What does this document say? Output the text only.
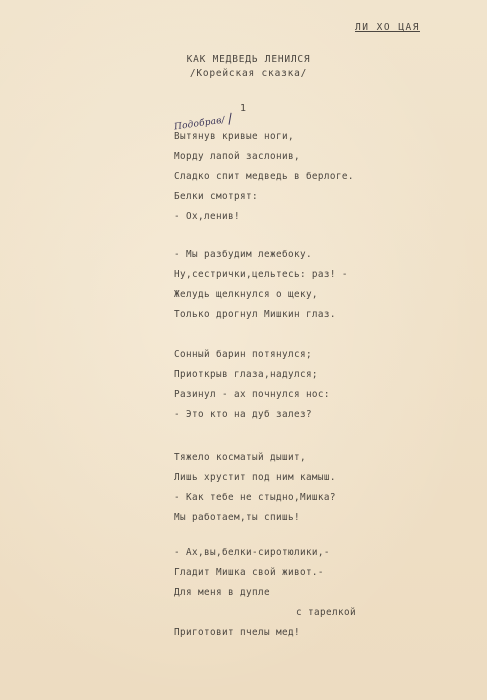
ЛИ ХО ЦАЯ
КАК МЕДВЕДЬ ЛЕНИЛСЯ
/Корейская сказка/
1
Подобрав/
Вытянув кривые ноги,
Морду лапой заслонив,
Сладко спит медведь в берлоге.
Белки смотрят:
- Ох,ленив!
- Мы разбудим лежебоку.
Ну,сестрички,цельтесь: раз! -
Желудь щелкнулся о щеку,
Только дрогнул Мишкин глаз.
Сонный барин потянулся;
Приоткрыв глаза,надулся;
Разинул - ах почнулся нос:
- Это кто на дуб залез?
Тяжело косматый дышит,
Лишь хрустит под ним камыш.
- Как тебе не стыдно,Мишка?
Мы работаем,ты спишь!
- Ах,вы,белки-сиротюлики,-
Гладит Мишка свой живот.-
Для меня в дупле
с тарелкой
Приготовит пчелы мед!
